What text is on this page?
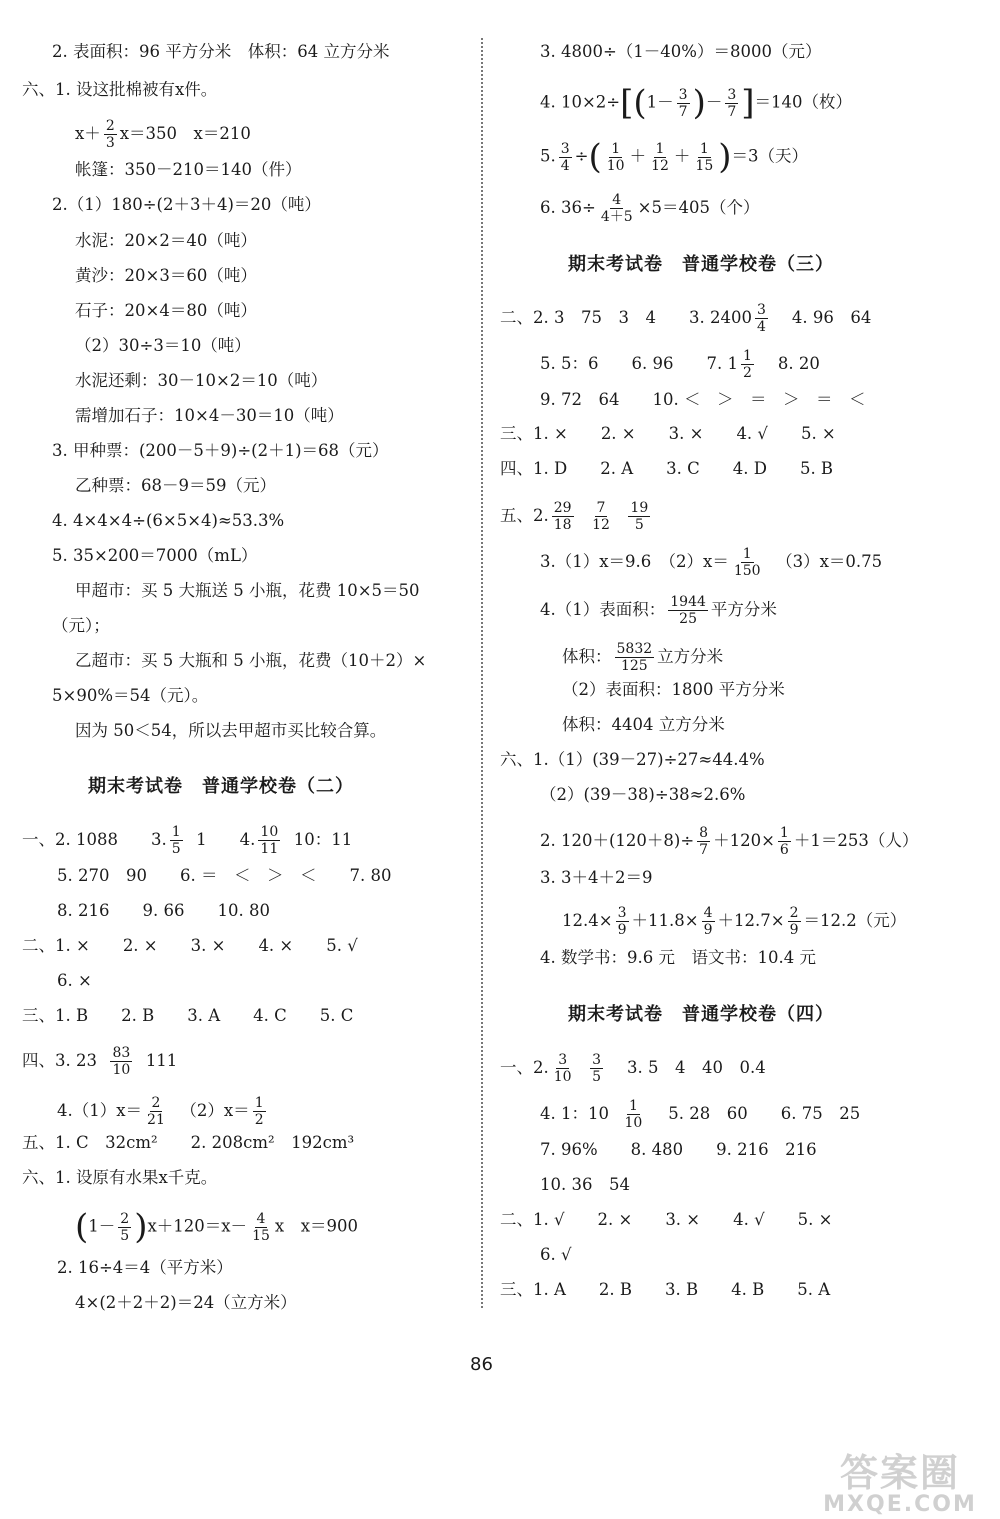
2. 表面积：96 平方分米　体积：64 立方分米
六、1. 设这批棉被有x件。
$x+ \frac{2}{3} x=350$　x＝210
帐篷：350－210＝140（件）
2.（1）180÷(2＋3＋4)＝20（吨）
水泥：20×2＝40（吨）
黄沙：20×3＝60（吨）
石子：20×4＝80（吨）
（2）30÷3＝10（吨）
水泥还剩：30－10×2＝10（吨）
需增加石子：10×4－30＝10（吨）
3. 甲种票：(200－5＋9)÷(2＋1)＝68（元）
乙种票：68－9＝59（元）
4. 4×4×4÷(6×5×4)≈53.3%
5. 35×200＝7000（mL）
甲超市：买 5 大瓶送 5 小瓶，花费 10×5＝50
（元）；
乙超市：买 5 大瓶和 5 小瓶，花费（10＋2）×
5×90%＝54（元）。
因为 50＜54，所以去甲超市买比较合算。
期末考试卷　普通学校卷（二）
一、2. 1088　　3. $\frac{1}{5} 1$　　4. $\frac{10}{11} 10$：11
5. 270　90　　6. ＝　＜　＞　＜　　7. 80
8. 216　　9. 66　　10. 80
二、1. ×　　2. ×　　3. ×　　4. ×　　5. √
6. ×
三、1. B　　2. B　　3. A　　4. C　　5. C
四、3. $23 \frac{83}{10} 111$
$4.(1)x= \frac{2}{21} (2)x= \frac{1}{2}$
五、1. C　32cm²　　2. 208cm²　192cm³
六、1. 设原有水果x千克。
$(1- \frac{2}{5} )x+120=x- \frac{4}{15}$ x　x＝900
2. 16÷4＝4（平方米）
4×(2＋2＋2)＝24（立方米）
3. 4800÷（1－40%）＝8000（元）
4. $10\times 2\div[(1- \frac{3}{7}$ )－ $\frac{3}{7} ]=140$（枚）
5. $\frac{3}{4}$ ÷( $\frac{1}{10} + \frac{1}{12} + \frac{1}{15} )=3$（天）
6. $36\div \frac{4}{4+5} \times 5=405$（个）
期末考试卷　普通学校卷（三）
二、2. 3　75　3　4　　3. $2400 \frac{3}{4} 4$. 96　64
5. 5：6　　6. 96　　7. $1 \frac{1}{2} 8$. 20
9. 72　64　　10. ＜　＞　＝　＞　＝　＜
三、1. ×　　2. ×　　3. ×　　4. √　　5. ×
四、1. D　　2. A　　3. C　　4. D　　5. B
五、2. $\frac{29}{18}$
$\frac{7}{12}$
$\frac{19}{5}$
3.（1）x＝9.6　$(2)x= \frac{1}{150} (3)x=0.75$
4.（1）表面积： $\frac{1944}{25}$ 平方分米
体积： $\frac{5832}{125}$ 立方分米
（2）表面积：1800 平方分米
体积：4404 立方分米
六、1.（1）(39－27)÷27≈44.4%
（2）(39－38)÷38≈2.6%
2. $120+(120+8)\div \frac{8}{7} +120\times \frac{1}{6} +1=253$（人）
3. 3＋4＋2＝9
$12.4\times \frac{3}{9} +11.8\times \frac{4}{9} +12.7\times \frac{2}{9} =12.2$（元）
4. 数学书：9.6 元　语文书：10.4 元
期末考试卷　普通学校卷（四）
一、2. $\frac{3}{10}$
$\frac{3}{5} 3$. 5　4　40　0.4
4. 1：$10 \frac{1}{10} 5$. 28　60　　6. 75　25
7. 96%　　8. 480　　9. 216　216
10. 36　54
二、1. √　　2. ×　　3. ×　　4. √　　5. ×
6. √
三、1. A　　2. B　　3. B　　4. B　　5. A
86
答案圈
MXQE.COM
